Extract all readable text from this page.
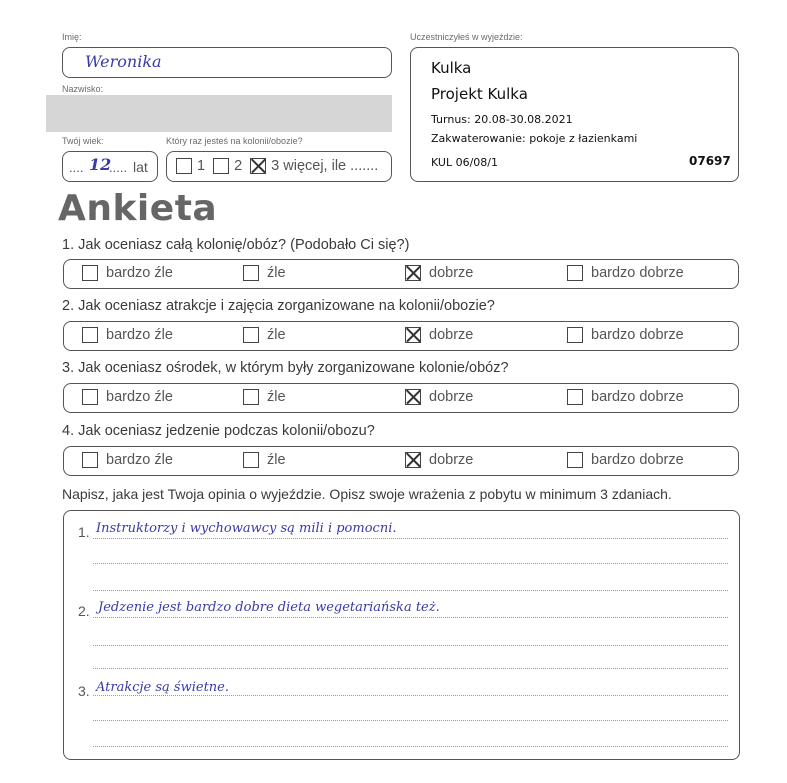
Imię:
Weronika
Nazwisko:
Twój wiek:
.... 12
..... lat
Który raz jesteś na kolonii/obozie?
1 2 3 więcej, ile .......
Uczestniczyłeś w wyjeździe:
Kulka
Projekt Kulka
Turnus: 20.08-30.08.2021
Zakwaterowanie: pokoje z łazienkami
KUL 06/08/1	07697
Ankieta
1. Jak oceniasz całą kolonię/obóz? (Podobało Ci się?)
bardzo źle	źle	dobrze	bardzo dobrze
2. Jak oceniasz atrakcje i zajęcia zorganizowane na kolonii/obozie?
bardzo źle	źle	dobrze	bardzo dobrze
3. Jak oceniasz ośrodek, w którym były zorganizowane kolonie/obóz?
bardzo źle	źle	dobrze	bardzo dobrze
4. Jak oceniasz jedzenie podczas kolonii/obozu?
bardzo źle	źle	dobrze	bardzo dobrze
Napisz, jaka jest Twoja opinia o wyjeździe. Opisz swoje wrażenia z pobytu w minimum 3 zdaniach.
1. Instruktorzy i wychowawcy są mili i pomocni.
2. Jedzenie jest bardzo dobre dieta wegetariańska też.
3. Atrakcje są świetne.
